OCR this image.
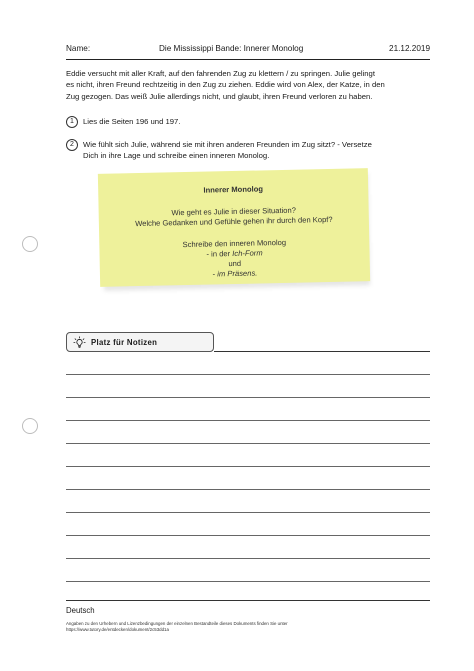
Name:	Die Mississippi Bande: Innerer Monolog	21.12.2019
Eddie versucht mit aller Kraft, auf den fahrenden Zug zu klettern / zu springen. Julie gelingt
es nicht, ihren Freund rechtzeitig in den Zug zu ziehen. Eddie wird von Alex, der Katze, in den
Zug gezogen. Das weiß Julie allerdings nicht, und glaubt, ihren Freund verloren zu haben.
1	Lies die Seiten 196 und 197.
2	Wie fühlt sich Julie, während sie mit ihren anderen Freunden im Zug sitzt? - Versetze
Dich in ihre Lage und schreibe einen inneren Monolog.
Innerer Monolog
Wie geht es Julie in dieser Situation?
Welche Gedanken und Gefühle gehen ihr durch den Kopf?
Schreibe den inneren Monolog
- in der Ich-Form
und
- im Präsens.
Platz für Notizen
Deutsch
Angaben zu den Urhebern und Lizenzbedingungen der einzelnen Bestandteile dieses Dokuments finden Sie unter
https://www.tutory.de/entdecken/dokument/2c53dd1a
